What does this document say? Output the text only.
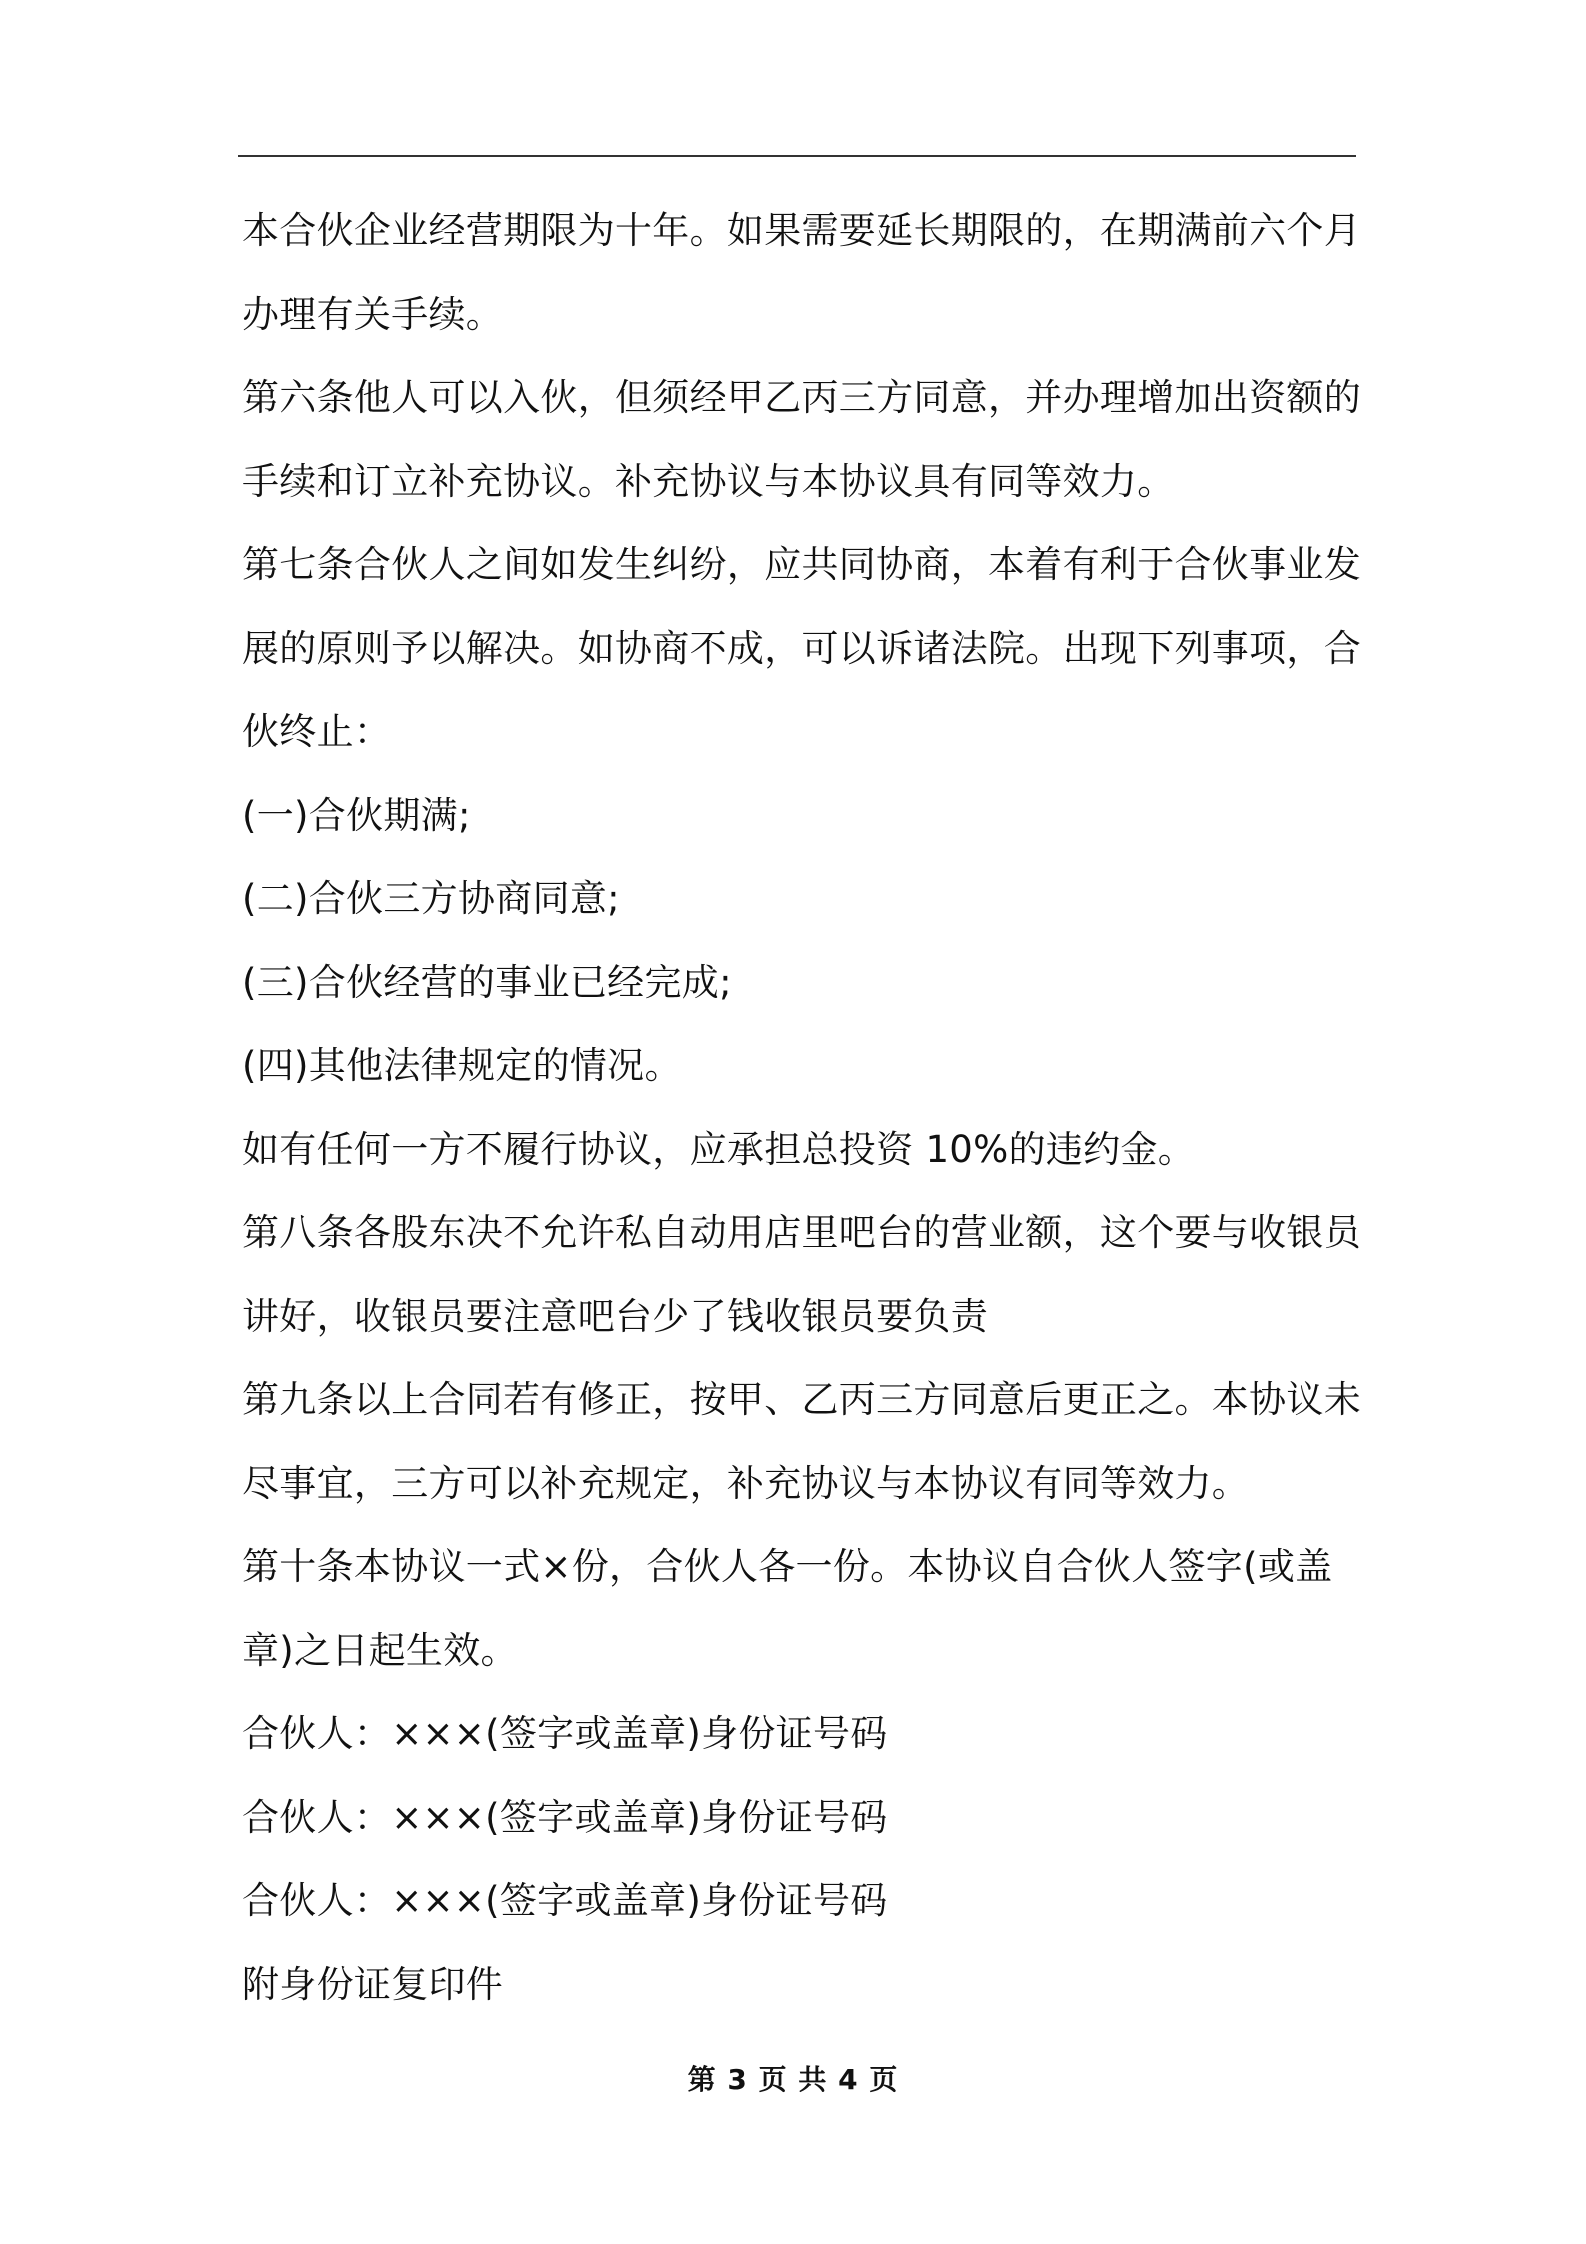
本合伙企业经营期限为十年。如果需要延长期限的，在期满前六个月
办理有关手续。
第六条他人可以入伙，但须经甲乙丙三方同意，并办理增加出资额的
手续和订立补充协议。补充协议与本协议具有同等效力。
第七条合伙人之间如发生纠纷，应共同协商，本着有利于合伙事业发
展的原则予以解决。如协商不成，可以诉诸法院。出现下列事项，合
伙终止：
(一)合伙期满;
(二)合伙三方协商同意;
(三)合伙经营的事业已经完成;
(四)其他法律规定的情况。
如有任何一方不履行协议，应承担总投资 10%的违约金。
第八条各股东决不允许私自动用店里吧台的营业额，这个要与收银员
讲好，收银员要注意吧台少了钱收银员要负责
第九条以上合同若有修正，按甲、乙丙三方同意后更正之。本协议未
尽事宜，三方可以补充规定，补充协议与本协议有同等效力。
第十条本协议一式×份，合伙人各一份。本协议自合伙人签字(或盖
章)之日起生效。
合伙人：×××(签字或盖章)身份证号码
合伙人：×××(签字或盖章)身份证号码
合伙人：×××(签字或盖章)身份证号码
附身份证复印件
第 3 页 共 4 页
